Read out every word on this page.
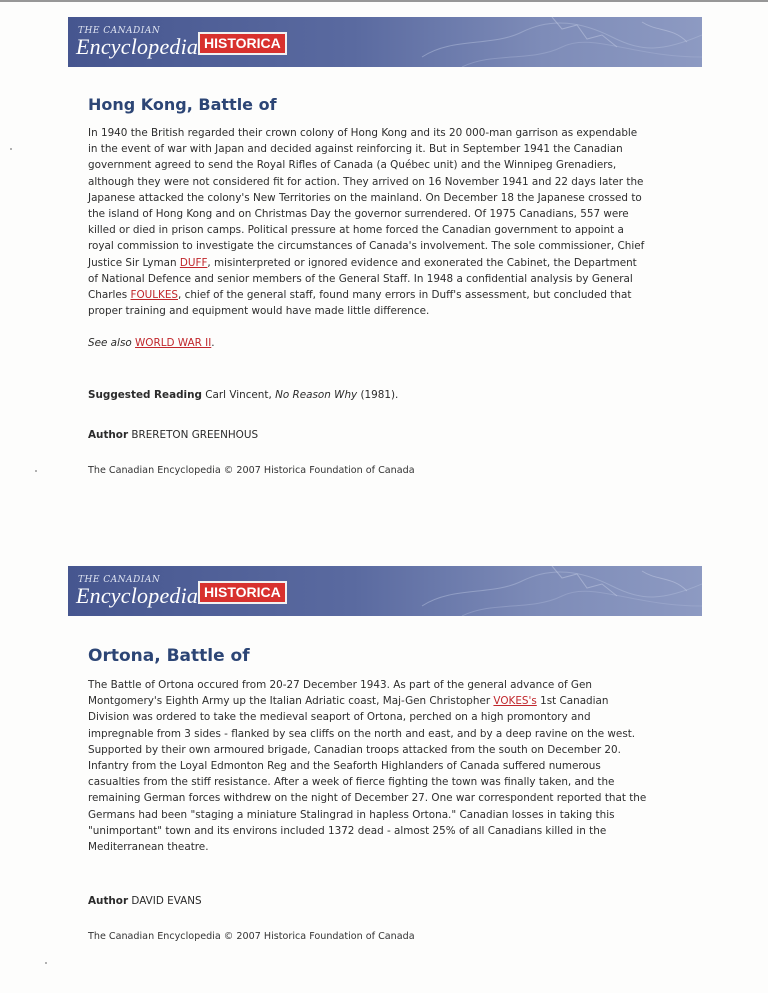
THE CANADIAN
Encyclopedia HISTORICA
Hong Kong, Battle of

In 1940 the British regarded their crown colony of Hong Kong and its 20 000-man garrison as expendable in the event of war with Japan and decided against reinforcing it. But in September 1941 the Canadian government agreed to send the Royal Rifles of Canada (a Québec unit) and the Winnipeg Grenadiers, although they were not considered fit for action. They arrived on 16 November 1941 and 22 days later the Japanese attacked the colony's New Territories on the mainland. On December 18 the Japanese crossed to the island of Hong Kong and on Christmas Day the governor surrendered. Of 1975 Canadians, 557 were killed or died in prison camps. Political pressure at home forced the Canadian government to appoint a royal commission to investigate the circumstances of Canada's involvement. The sole commissioner, Chief Justice Sir Lyman DUFF, misinterpreted or ignored evidence and exonerated the Cabinet, the Department of National Defence and senior members of the General Staff. In 1948 a confidential analysis by General Charles FOULKES, chief of the general staff, found many errors in Duff's assessment, but concluded that proper training and equipment would have made little difference.

See also WORLD WAR II.

Suggested Reading Carl Vincent, No Reason Why (1981).

Author BRERETON GREENHOUS

The Canadian Encyclopedia © 2007 Historica Foundation of Canada

THE CANADIAN
Encyclopedia HISTORICA
Ortona, Battle of

The Battle of Ortona occured from 20-27 December 1943. As part of the general advance of Gen Montgomery's Eighth Army up the Italian Adriatic coast, Maj-Gen Christopher VOKES's 1st Canadian Division was ordered to take the medieval seaport of Ortona, perched on a high promontory and impregnable from 3 sides - flanked by sea cliffs on the north and east, and by a deep ravine on the west. Supported by their own armoured brigade, Canadian troops attacked from the south on December 20. Infantry from the Loyal Edmonton Reg and the Seaforth Highlanders of Canada suffered numerous casualties from the stiff resistance. After a week of fierce fighting the town was finally taken, and the remaining German forces withdrew on the night of December 27. One war correspondent reported that the Germans had been "staging a miniature Stalingrad in hapless Ortona." Canadian losses in taking this "unimportant" town and its environs included 1372 dead - almost 25% of all Canadians killed in the Mediterranean theatre.

Author DAVID EVANS

The Canadian Encyclopedia © 2007 Historica Foundation of Canada
